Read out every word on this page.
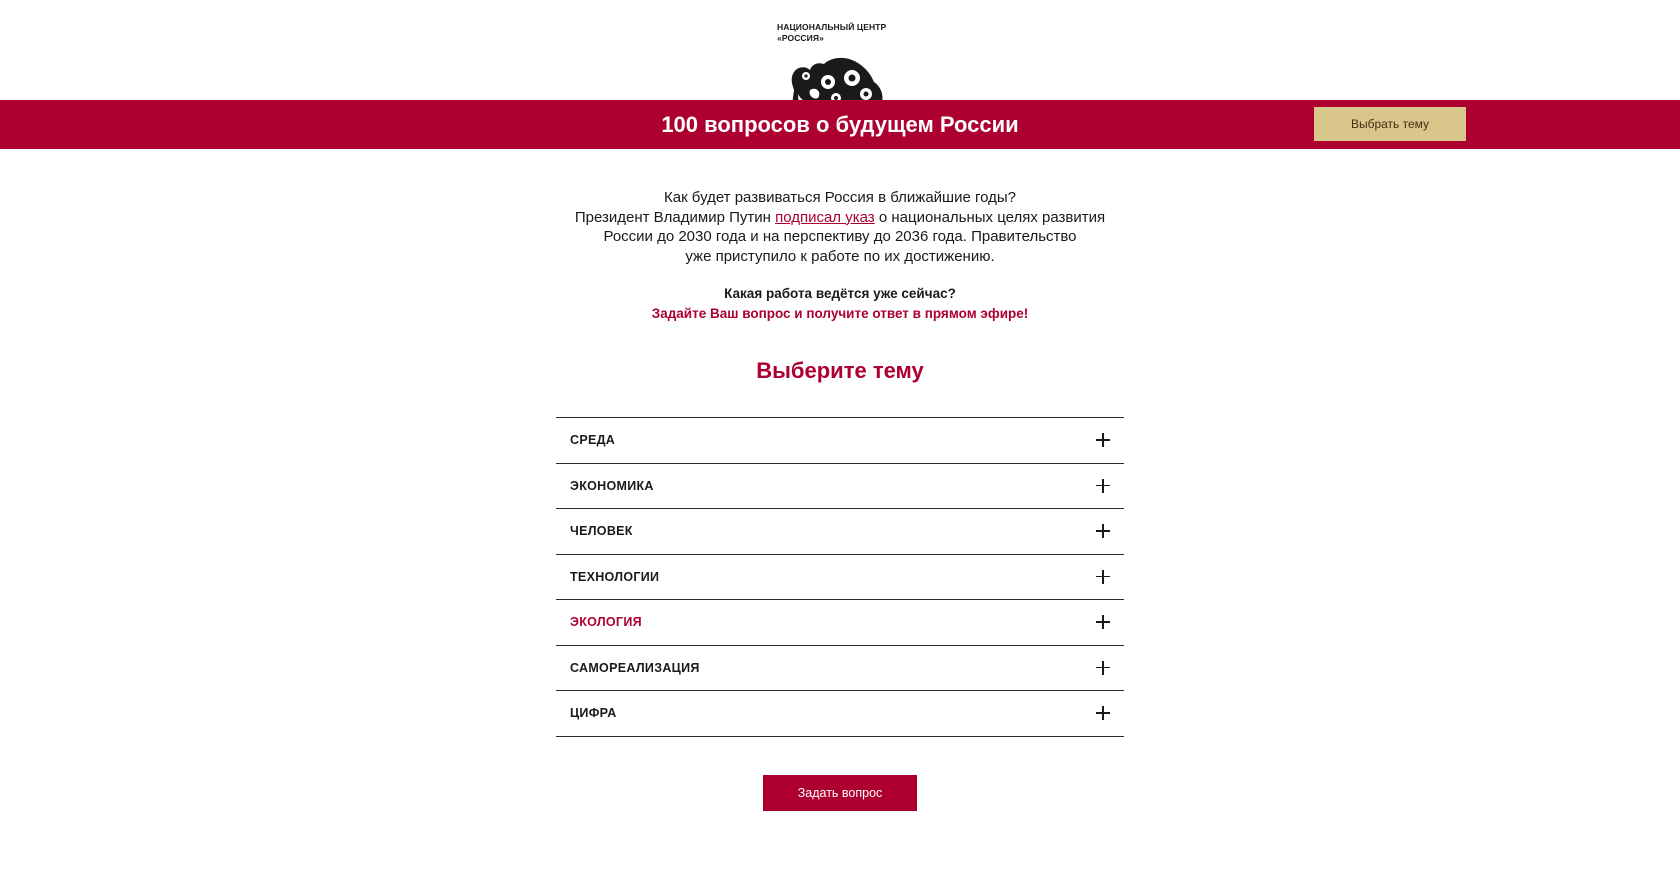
НАЦИОНАЛЬНЫЙ ЦЕНТР
«РОССИЯ»
100 вопросов о будущем России	Выбрать тему
Как будет развиваться Россия в ближайшие годы?
Президент Владимир Путин подписал указ о национальных целях развития
России до 2030 года и на перспективу до 2036 года. Правительство
уже приступило к работе по их достижению.
Какая работа ведётся уже сейчас?
Задайте Ваш вопрос и получите ответ в прямом эфире!
Выберите тему
СРЕДА
ЭКОНОМИКА
ЧЕЛОВЕК
ТЕХНОЛОГИИ
ЭКОЛОГИЯ
САМОРЕАЛИЗАЦИЯ
ЦИФРА
Задать вопрос
